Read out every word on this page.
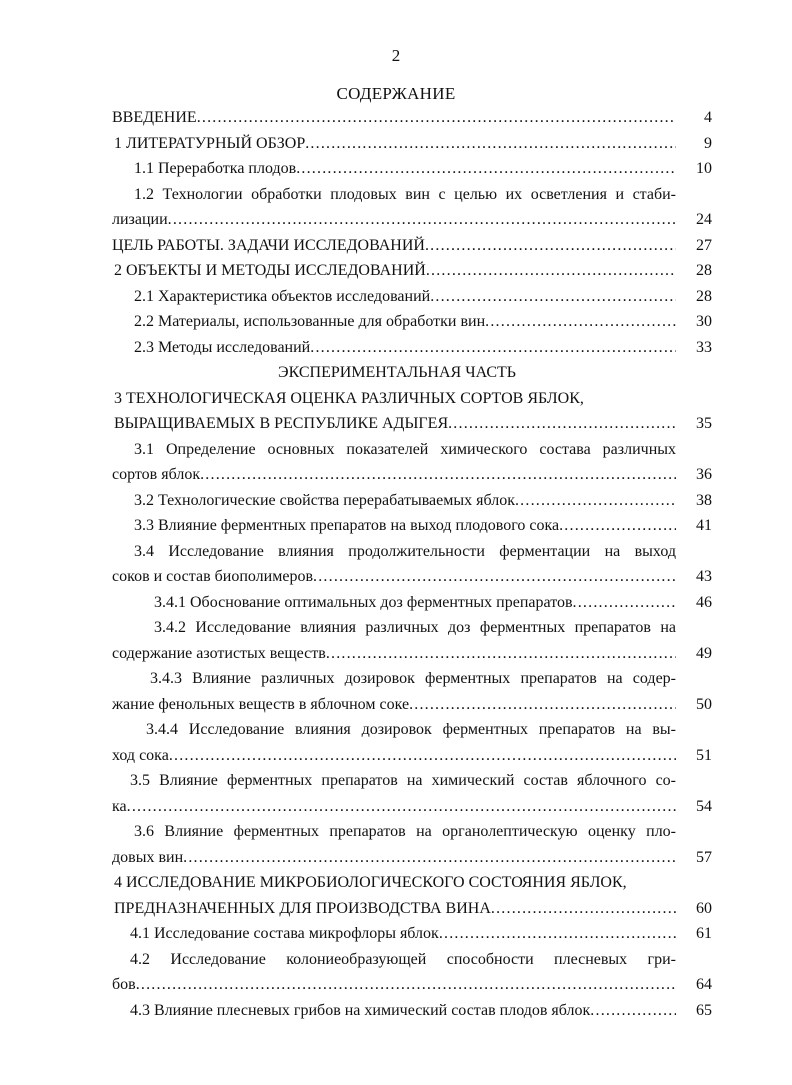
2
СОДЕРЖАНИЕ
ВВЕДЕНИЕ .....	4
1 ЛИТЕРАТУРНЫЙ ОБЗОР .....	9
1.1 Переработка плодов .....	10
1.2 Технологии обработки плодовых вин с целью их осветления и стаби-
лизации .....	24
ЦЕЛЬ РАБОТЫ. ЗАДАЧИ ИССЛЕДОВАНИЙ .....	27
2 ОБЪЕКТЫ И МЕТОДЫ ИССЛЕДОВАНИЙ .....	28
2.1 Характеристика объектов исследований .....	28
2.2 Материалы, использованные для обработки вин .....	30
2.3 Методы исследований .....	33
ЭКСПЕРИМЕНТАЛЬНАЯ ЧАСТЬ
3 ТЕХНОЛОГИЧЕСКАЯ ОЦЕНКА РАЗЛИЧНЫХ СОРТОВ ЯБЛОК,
ВЫРАЩИВАЕМЫХ В РЕСПУБЛИКЕ АДЫГЕЯ .....	35
3.1 Определение основных показателей химического состава различных
сортов яблок .....	36
3.2 Технологические свойства перерабатываемых яблок .....	38
3.3 Влияние ферментных препаратов на выход плодового сока .....	41
3.4 Исследование влияния продолжительности ферментации на выход
соков и состав биополимеров .....	43
3.4.1 Обоснование оптимальных доз ферментных препаратов .....	46
3.4.2 Исследование влияния различных доз ферментных препаратов на
содержание азотистых веществ .....	49
3.4.3 Влияние различных дозировок ферментных препаратов на содер-
жание фенольных веществ в яблочном соке .....	50
3.4.4 Исследование влияния дозировок ферментных препаратов на вы-
ход сока .....	51
3.5 Влияние ферментных препаратов на химический состав яблочного со-
ка .....	54
3.6 Влияние ферментных препаратов на органолептическую оценку пло-
довых вин .....	57
4 ИССЛЕДОВАНИЕ МИКРОБИОЛОГИЧЕСКОГО СОСТОЯНИЯ ЯБЛОК,
ПРЕДНАЗНАЧЕННЫХ ДЛЯ ПРОИЗВОДСТВА ВИНА .....	60
4.1 Исследование состава микрофлоры яблок .....	61
4.2 Исследование колониеобразующей способности плесневых гри-
бов .....	64
4.3 Влияние плесневых грибов на химический состав плодов яблок .....	65
